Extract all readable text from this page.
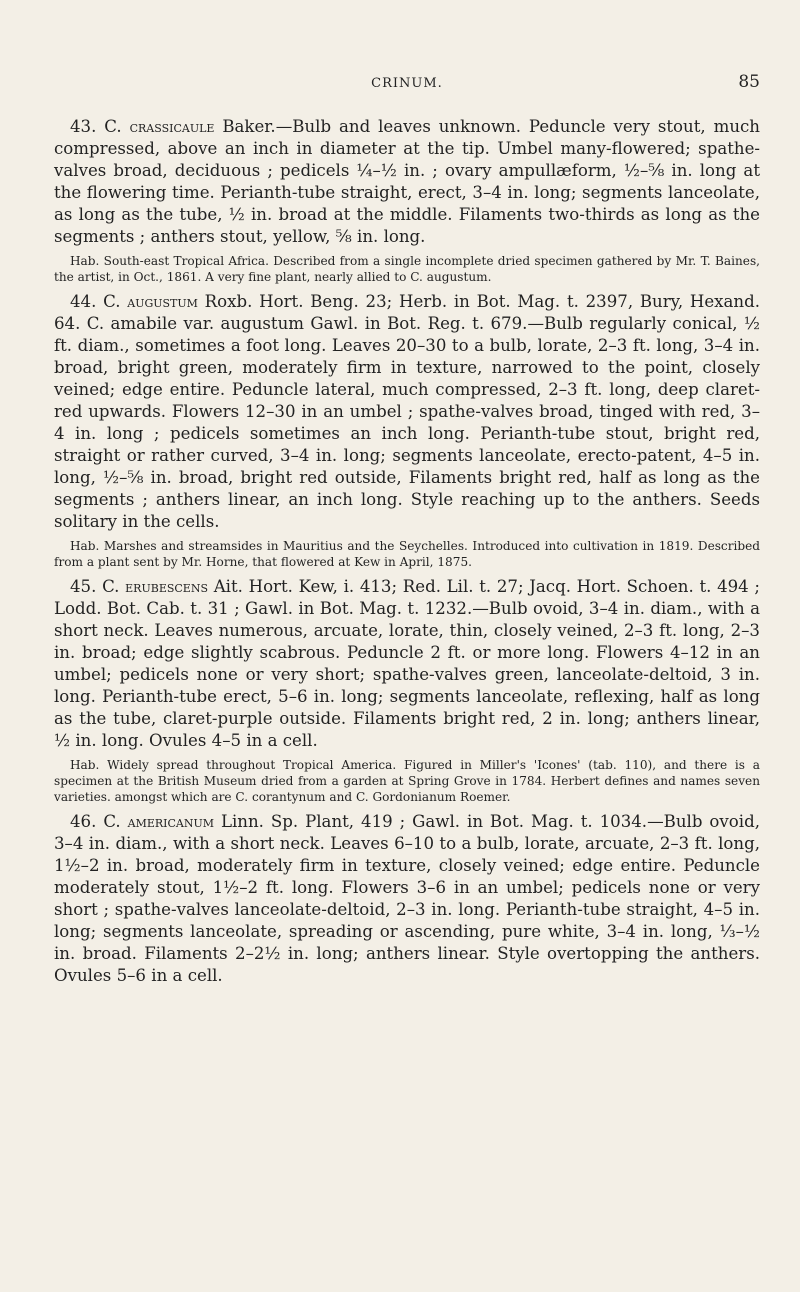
CRINUM.	85

43. C. crassicaule Baker.—Bulb and leaves unknown. Peduncle very stout, much compressed, above an inch in diameter at the tip. Umbel many-flowered; spathe-valves broad, deciduous ; pedicels ¼–½ in. ; ovary ampullæform, ½–⅝ in. long at the flowering time. Perianth-tube straight, erect, 3–4 in. long; segments lanceolate, as long as the tube, ½ in. broad at the middle. Filaments two-thirds as long as the segments ; anthers stout, yellow, ⅝ in. long.

Hab. South-east Tropical Africa. Described from a single incomplete dried specimen gathered by Mr. T. Baines, the artist, in Oct., 1861. A very fine plant, nearly allied to C. augustum.

44. C. augustum Roxb. Hort. Beng. 23; Herb. in Bot. Mag. t. 2397, Bury, Hexand. 64. C. amabile var. augustum Gawl. in Bot. Reg. t. 679.—Bulb regularly conical, ½ ft. diam., sometimes a foot long. Leaves 20–30 to a bulb, lorate, 2–3 ft. long, 3–4 in. broad, bright green, moderately firm in texture, narrowed to the point, closely veined; edge entire. Peduncle lateral, much compressed, 2–3 ft. long, deep claret-red upwards. Flowers 12–30 in an umbel ; spathe-valves broad, tinged with red, 3–4 in. long ; pedicels sometimes an inch long. Perianth-tube stout, bright red, straight or rather curved, 3–4 in. long; segments lanceolate, erecto-patent, 4–5 in. long, ½–⅝ in. broad, bright red outside, Filaments bright red, half as long as the segments ; anthers linear, an inch long. Style reaching up to the anthers. Seeds solitary in the cells.

Hab. Marshes and streamsides in Mauritius and the Seychelles. Introduced into cultivation in 1819. Described from a plant sent by Mr. Horne, that flowered at Kew in April, 1875.

45. C. erubescens Ait. Hort. Kew, i. 413; Red. Lil. t. 27; Jacq. Hort. Schoen. t. 494 ; Lodd. Bot. Cab. t. 31 ; Gawl. in Bot. Mag. t. 1232.—Bulb ovoid, 3–4 in. diam., with a short neck. Leaves numerous, arcuate, lorate, thin, closely veined, 2–3 ft. long, 2–3 in. broad; edge slightly scabrous. Peduncle 2 ft. or more long. Flowers 4–12 in an umbel; pedicels none or very short; spathe-valves green, lanceolate-deltoid, 3 in. long. Perianth-tube erect, 5–6 in. long; segments lanceolate, reflexing, half as long as the tube, claret-purple outside. Filaments bright red, 2 in. long; anthers linear, ½ in. long. Ovules 4–5 in a cell.

Hab. Widely spread throughout Tropical America. Figured in Miller's 'Icones' (tab. 110), and there is a specimen at the British Museum dried from a garden at Spring Grove in 1784. Herbert defines and names seven varieties. amongst which are C. corantynum and C. Gordonianum Roemer.

46. C. americanum Linn. Sp. Plant, 419 ; Gawl. in Bot. Mag. t. 1034.—Bulb ovoid, 3–4 in. diam., with a short neck. Leaves 6–10 to a bulb, lorate, arcuate, 2–3 ft. long, 1½–2 in. broad, moderately firm in texture, closely veined; edge entire. Peduncle moderately stout, 1½–2 ft. long. Flowers 3–6 in an umbel; pedicels none or very short ; spathe-valves lanceolate-deltoid, 2–3 in. long. Perianth-tube straight, 4–5 in. long; segments lanceolate, spreading or ascending, pure white, 3–4 in. long, ⅓–½ in. broad. Filaments 2–2½ in. long; anthers linear. Style overtopping the anthers. Ovules 5–6 in a cell.
